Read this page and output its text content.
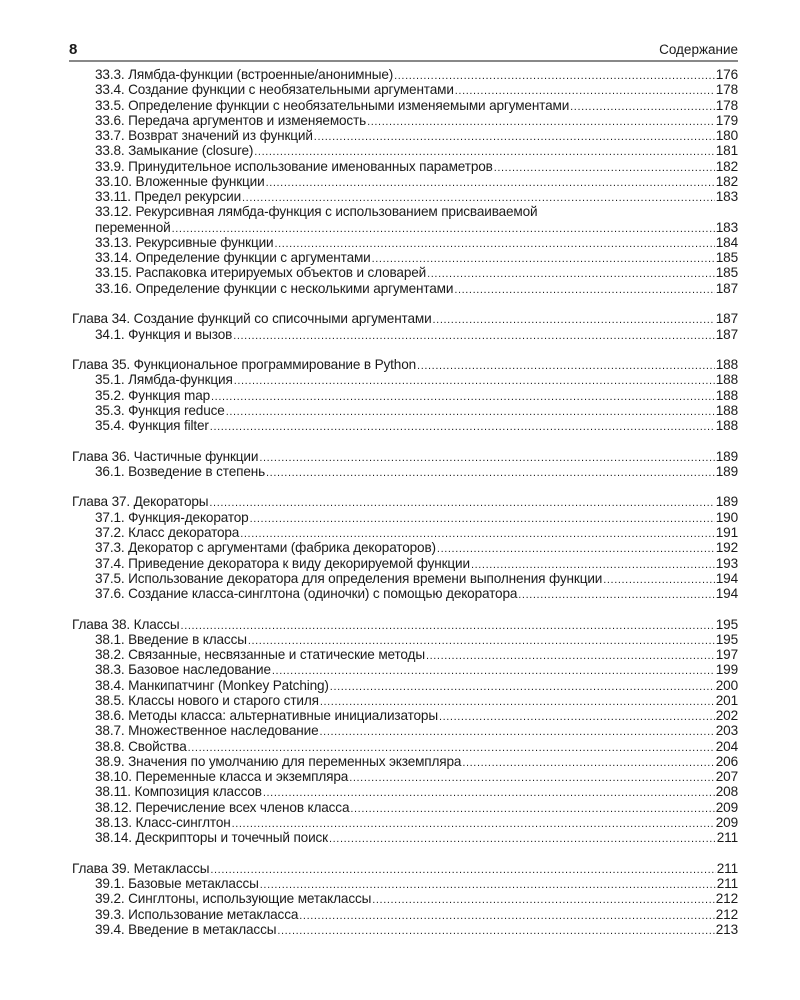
8	Содержание
33.3. Лямбда-функции (встроенные/анонимные) .....	176
33.4. Создание функции с необязательными аргументами .....	178
33.5. Определение функции с необязательными изменяемыми аргументами .....	178
33.6. Передача аргументов и изменяемость .....	179
33.7. Возврат значений из функций .....	180
33.8. Замыкание (closure) .....	181
33.9. Принудительное использование именованных параметров .....	182
33.10. Вложенные функции .....	182
33.11. Предел рекурсии .....	183
33.12. Рекурсивная лямбда-функция с использованием присваиваемой
переменной .....	183
33.13. Рекурсивные функции .....	184
33.14. Определение функции с аргументами .....	185
33.15. Распаковка итерируемых объектов и словарей .....	185
33.16. Определение функции с несколькими аргументами .....	187
Глава 34. Создание функций со списочными аргументами .....	187
34.1. Функция и вызов .....	187
Глава 35. Функциональное программирование в Python .....	188
35.1. Лямбда-функция .....	188
35.2. Функция map .....	188
35.3. Функция reduce .....	188
35.4. Функция filter .....	188
Глава 36. Частичные функции .....	189
36.1. Возведение в степень .....	189
Глава 37. Декораторы .....	189
37.1. Функция-декоратор .....	190
37.2. Класс декоратора .....	191
37.3. Декоратор с аргументами (фабрика декораторов) .....	192
37.4. Приведение декоратора к виду декорируемой функции .....	193
37.5. Использование декоратора для определения времени выполнения функции .....	194
37.6. Создание класса-синглтона (одиночки) с помощью декоратора .....	194
Глава 38. Классы .....	195
38.1. Введение в классы .....	195
38.2. Связанные, несвязанные и статические методы .....	197
38.3. Базовое наследование .....	199
38.4. Манкипатчинг (Monkey Patching) .....	200
38.5. Классы нового и старого стиля .....	201
38.6. Методы класса: альтернативные инициализаторы .....	202
38.7. Множественное наследование .....	203
38.8. Свойства .....	204
38.9. Значения по умолчанию для переменных экземпляра .....	206
38.10. Переменные класса и экземпляра .....	207
38.11. Композиция классов .....	208
38.12. Перечисление всех членов класса .....	209
38.13. Класс-синглтон .....	209
38.14. Дескрипторы и точечный поиск .....	211
Глава 39. Метаклассы .....	211
39.1. Базовые метаклассы .....	211
39.2. Синглтоны, использующие метаклассы .....	212
39.3. Использование метакласса .....	212
39.4. Введение в метаклассы .....	213
